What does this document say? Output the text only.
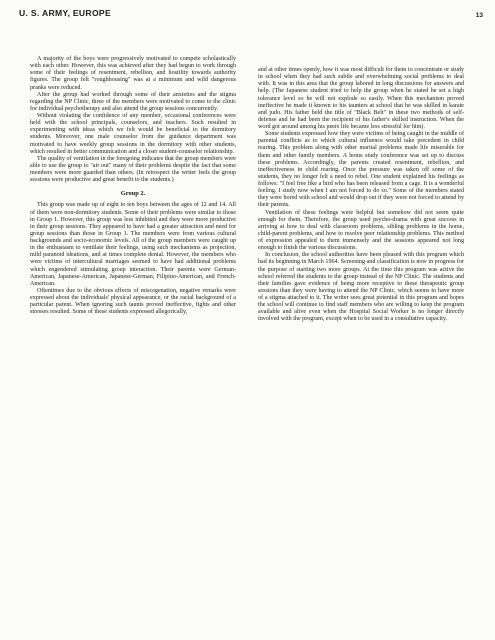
U. S. ARMY, EUROPE	13

A majority of the boys were progressively motivated to compete scholastically with each other. However, this was achieved after they had begun to work through some of their feelings of resentment, rebellion, and hostility towards authority figures. The group felt "roughhousing" was at a minimum and wild dangerous pranks were reduced.

After the group had worked through some of their anxieties and the stigma regarding the NP Clinic, three of the members were motivated to come to the clinic for individual psychotherapy and also attend the group sessions concurrently.

Without violating the confidence of any member, occasional conferences were held with the school principals, counselors, and teachers. Such resulted in experimenting with ideas which we felt would be beneficial to the dormitory students. Moreover, one male counselor from the guidance department was motivated to have weekly group sessions in the dormitory with other students, which resulted in better communication and a closer student-counselor relationship.

The quality of ventilation in the foregoing indicates that the group members were able to use the group to "air out" many of their problems despite the fact that some members were more guarded than others. (In retrospect the writer feels the group sessions were productive and great benefit to the students.)

Group 2.

This group was made up of eight to ten boys between the ages of 12 and 14. All of them were non-dormitory students. Some of their problems were similar to those in Group 1. However, this group was less inhibited and they were more productive in their group sessions. They appeared to have had a greater attraction and need for group sessions than those in Group 1. The members were from various cultural backgrounds and socio-economic levels. All of the group members were caught up in the enthusiasm to ventilate their feelings, using such mechanisms as projection, mild paranoid ideations, and at times complete denial. However, the members who were victims of intercultural marriages seemed to have had additional problems which engendered stimulating group interaction. Their parents were German-American, Japanese-American, Japanese-German, Filipino-American, and French-American.

Oftentimes due to the obvious effects of miscegenation, negative remarks were expressed about the individuals' physical appearance, or the racial background of a particular parent. When ignoring such taunts proved ineffective, fights and other stresses resulted. Some of these students expressed allegorically,

and at other times openly, how it was most difficult for them to concentrate or study in school when they had such subtle and overwhelming social problems to deal with. It was in this area that the group labored in long discussions for answers and help. (The Japanese student tried to help the group when he stated he set a high tolerance level so he will not explode so easily. When this mechanism proved ineffective he made it known to his taunters at school that he was skilled in karate and judo. His father held the title of "Black Belt" in these two methods of self-defense and he had been the recipient of his father's skilled instruction. When the word got around among his peers life became less stressful for him).

Some students expressed how they were victims of being caught in the middle of parental conflicts as to which cultural influence would take precedent in child rearing. This problem along with other marital problems made life miserable for them and other family members. A home study conference was set up to discuss these problems. Accordingly, the parents created resentment, rebellion, and ineffectiveness in child rearing. Once the pressure was taken off some of the students, they no longer felt a need to rebel. One student explained his feelings as follows: "I feel free like a bird who has been released from a cage. It is a wonderful feeling. I study now when I am not forced to do so." Some of the members stated they were bored with school and would drop out if they were not forced to attend by their parents.

Ventilation of these feelings were helpful but somehow did not seem quite enough for them. Therefore, the group used psycho-drama with great success in arriving at how to deal with classroom problems, sibling problems in the home, child-parent problems, and how to resolve peer relationship problems. This method of expression appealed to them immensely and the sessions appeared not long enough to finish the various discussions.

In conclusion, the school authorities have been pleased with this program which had its beginning in March 1964. Screening and classification is now in progress for the purpose of starting two more groups. At the time this program was active the school referred the students to the group instead of the NP Clinic. The students and their families gave evidence of being more receptive to these therapeutic group sessions than they were having to attend the NP Clinic, which seems to have more of a stigma attached to it. The writer sees great potential in this program and hopes the school will continue to find staff members who are willing to keep the program available and alive even when the Hospital Social Worker is no longer directly involved with the program, except when to be used in a consultative capacity.
